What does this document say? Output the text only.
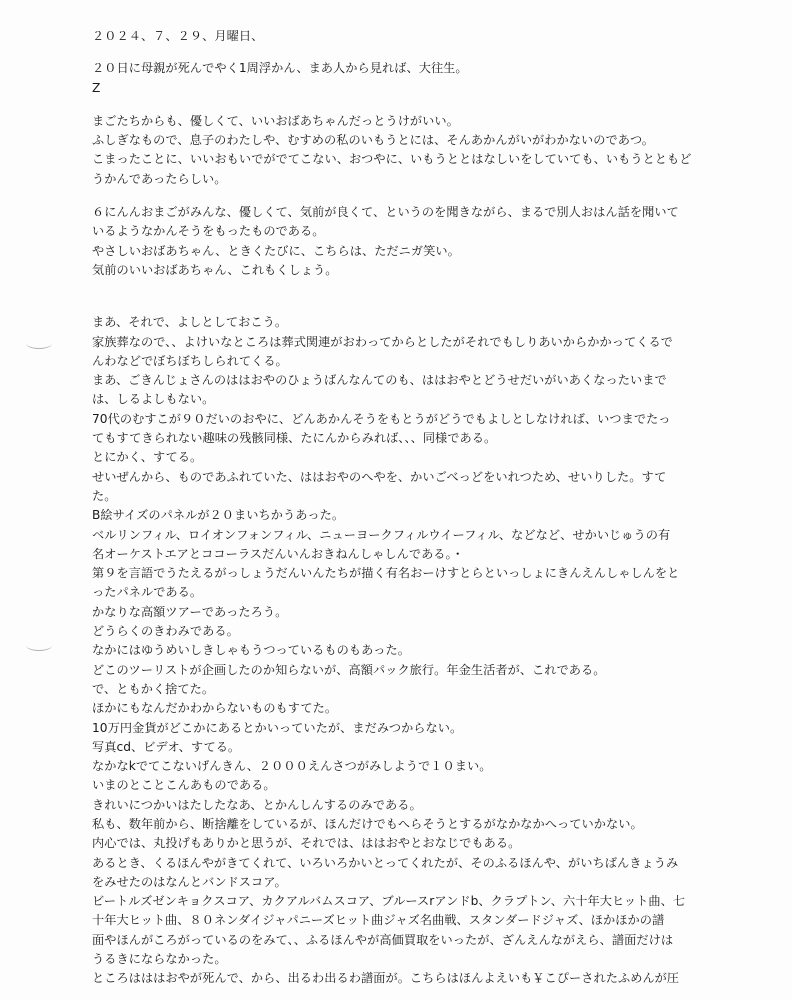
２０２４、７、２９、月曜日、
２０日に母親が死んでやく1周浮かん、まあ人から見れば、大往生。
Z
まごたちからも、優しくて、いいおばあちゃんだっとうけがいい。
ふしぎなもので、息子のわたしや、むすめの私のいもうとには、そんあかんがいがわかないのであつ。
こまったことに、いいおもいでがでてこない、おつやに、いもうととはなしいをしていても、いもうとともど
うかんであったらしい。
６にんんおまごがみんな、優しくて、気前が良くて、というのを聞きながら、まるで別人おはん話を聞いて
いるようなかんそうをもったものである。
やさしいおばあちゃん、ときくたびに、こちらは、ただニガ笑い。
気前のいいおばあちゃん、これもくしょう。
まあ、それで、よしとしておこう。
家族葬なので、、よけいなところは葬式関連がおわってからとしたがそれでもしりあいからかかってくるで
んわなどでぼちぼちしられてくる。
まあ、ごきんじょさんのははおやのひょうばんなんてのも、ははおやとどうせだいがいあくなったいまで
は、しるよしもない。
70代のむすこが９０だいのおやに、どんあかんそうをもとうがどうでもよしとしなければ、いつまでたっ
てもすてきられない趣味の残骸同様、たにんからみれば、、、同様である。
とにかく、すてる。
せいぜんから、ものであふれていた、ははおやのへやを、かいごべっどをいれつため、せいりした。すて
た。
B絵サイズのパネルが２０まいちかうあった。
ベルリンフィル、ロイオンフォンフィル、ニューヨークフィルウイーフィル、などなど、せかいじゅうの有
名オーケストエアとココーラスだんいんおきねんしゃしんである。・
第９を言語でうたえるがっしょうだんいんたちが描く有名おーけすとらといっしょにきんえんしゃしんをと
ったパネルである。
かなりな高額ツアーであったろう。
どうらくのきわみである。
なかにはゆうめいしきしゃもうつっているものもあった。
どこのツーリストが企画したのか知らないが、高額パック旅行。年金生活者が、これである。
で、ともかく捨てた。
ほかにもなんだかわからないものもすてた。
10万円金貨がどこかにあるとかいっていたが、まだみつからない。
写真cd、ビデオ、すてる。
なかなkでてこないげんきん、２０００えんさつがみしようで１０まい。
いまのとことこんあものである。
きれいにつかいはたしたなあ、とかんしんするのみである。
私も、数年前から、断捨離をしているが、ほんだけでもへらそうとするがなかなかへっていかない。
内心では、丸投げもありかと思うが、それでは、ははおやとおなじでもある。
あるとき、くるほんやがきてくれて、いろいろかいとってくれたが、そのふるほんや、がいちばんきょうみ
をみせたのはなんとバンドスコア。
ビートルズゼンキョクスコア、カクアルバムスコア、ブルースrアンドb、クラプトン、六十年大ヒット曲、七
十年大ヒット曲、８０ネンダイジャパニーズヒット曲ジャズ名曲戦、スタンダードジャズ、ほかほかの譜
面やほんがころがっているのをみて、、ふるほんやが高価買取をいったが、ざんえんながえら、譜面だけは
うるきにならなかった。
ところはははおやが死んで、から、出るわ出るわ譜面が。こちらはほんよえいも￥こぴーされたふめんが圧
